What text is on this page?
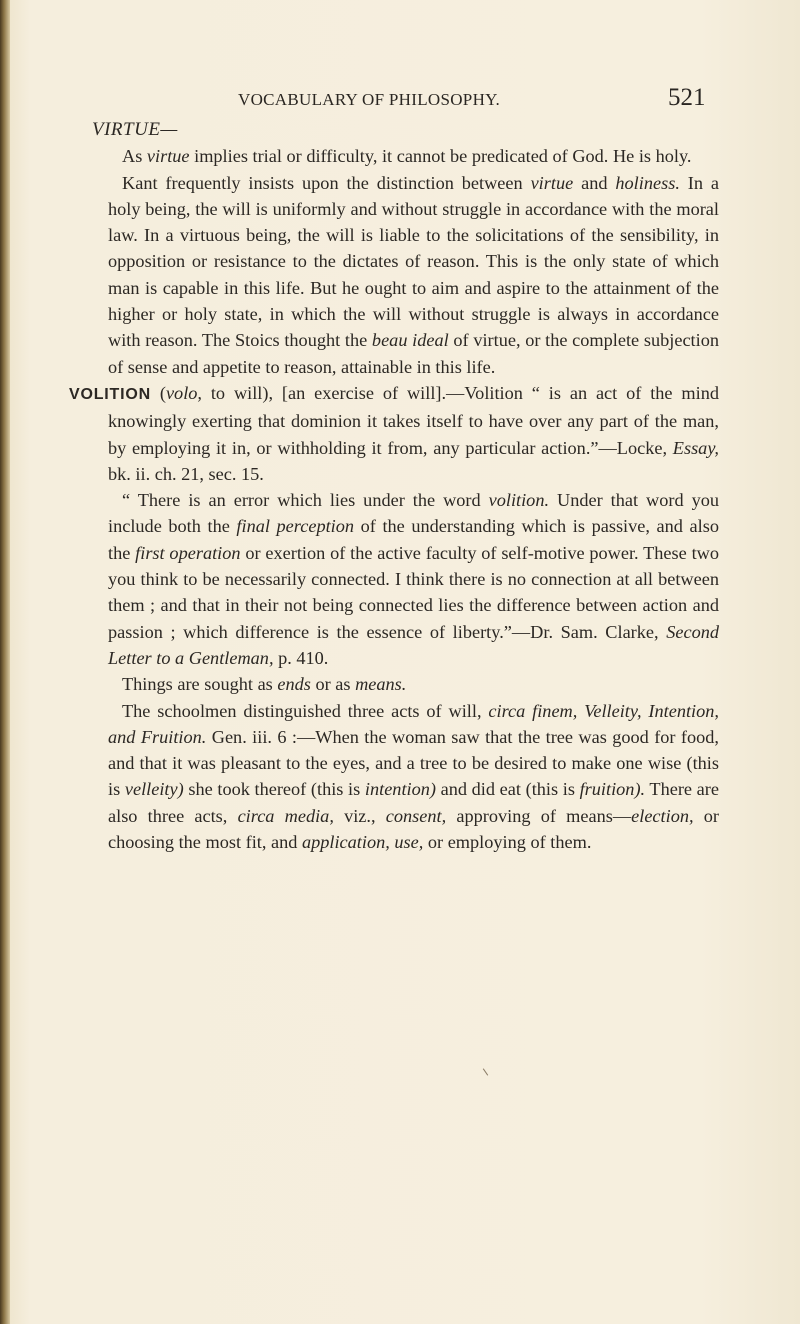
VOCABULARY OF PHILOSOPHY.	521

VIRTUE—

As virtue implies trial or difficulty, it cannot be predicated of God. He is holy.

Kant frequently insists upon the distinction between virtue and holiness. In a holy being, the will is uniformly and without struggle in accordance with the moral law. In a virtuous being, the will is liable to the solicitations of the sensibility, in opposition or resistance to the dictates of reason. This is the only state of which man is capable in this life. But he ought to aim and aspire to the attainment of the higher or holy state, in which the will without struggle is always in accordance with reason. The Stoics thought the beau ideal of virtue, or the complete subjection of sense and appetite to reason, attainable in this life.

VOLITION (volo, to will), [an exercise of will].—Volition “ is an act of the mind knowingly exerting that dominion it takes itself to have over any part of the man, by employing it in, or withholding it from, any particular action.”—Locke, Essay, bk. ii. ch. 21, sec. 15.

“ There is an error which lies under the word volition. Under that word you include both the final perception of the understanding which is passive, and also the first operation or exertion of the active faculty of self-motive power. These two you think to be necessarily connected. I think there is no connection at all between them ; and that in their not being connected lies the difference between action and passion ; which difference is the essence of liberty.”—Dr. Sam. Clarke, Second Letter to a Gentleman, p. 410.

Things are sought as ends or as means.

The schoolmen distinguished three acts of will, circa finem, Velleity, Intention, and Fruition. Gen. iii. 6 :—When the woman saw that the tree was good for food, and that it was pleasant to the eyes, and a tree to be desired to make one wise (this is velleity) she took thereof (this is intention) and did eat (this is fruition). There are also three acts, circa media, viz., consent, approving of means—election, or choosing the most fit, and application, use, or employing of them.
